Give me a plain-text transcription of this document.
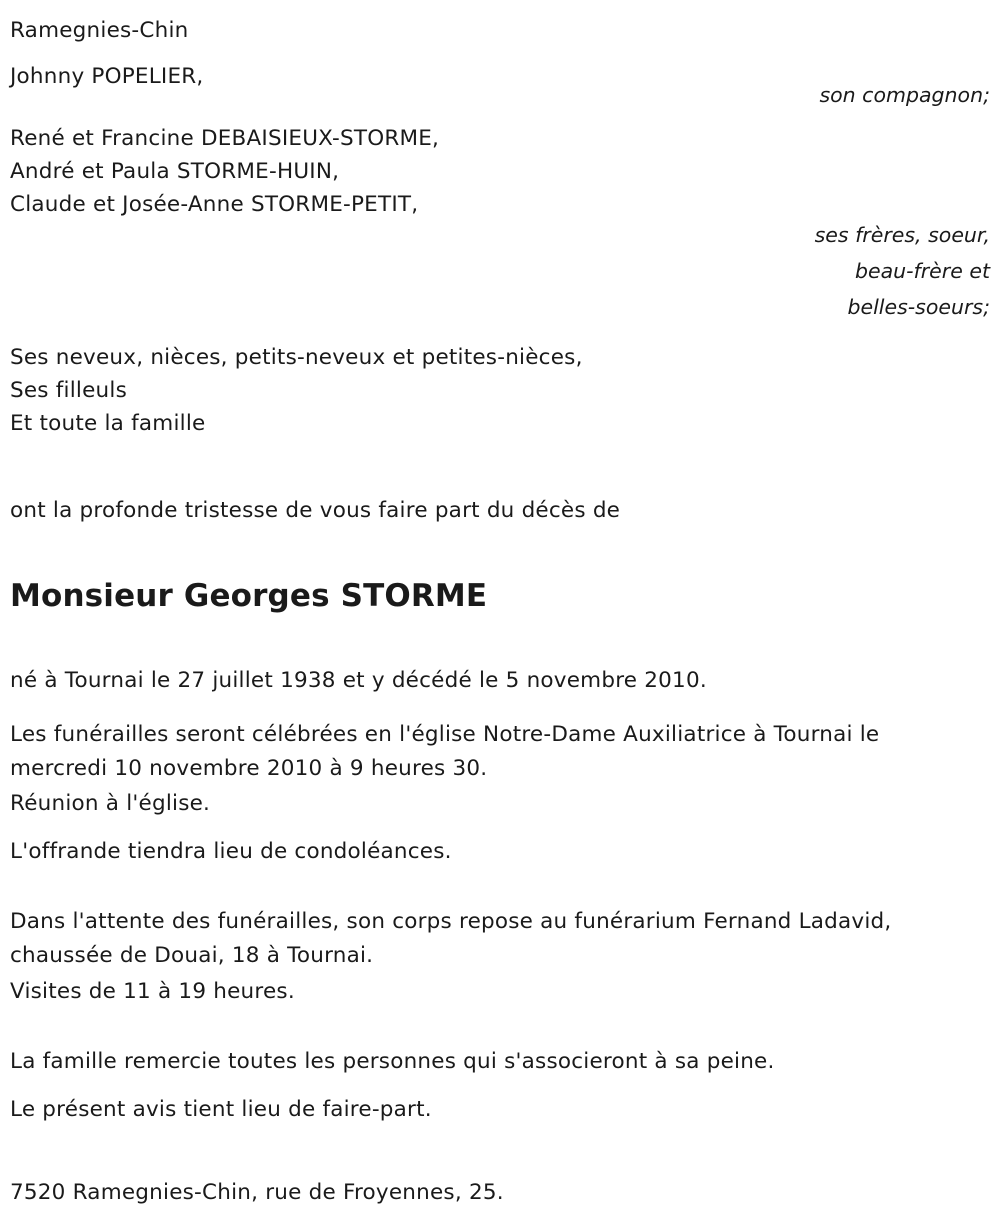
Ramegnies-Chin
Johnny POPELIER,
son compagnon;
René et Francine DEBAISIEUX-STORME,
André et Paula STORME-HUIN,
Claude et Josée-Anne STORME-PETIT,
ses frères, soeur,
beau-frère et
belles-soeurs;
Ses neveux, nièces, petits-neveux et petites-nièces,
Ses filleuls
Et toute la famille
ont la profonde tristesse de vous faire part du décès de
Monsieur Georges STORME
né à Tournai le 27 juillet 1938 et y décédé le 5 novembre 2010.
Les funérailles seront célébrées en l'église Notre-Dame Auxiliatrice à Tournai le mercredi 10 novembre 2010 à 9 heures 30.
Réunion à l'église.
L'offrande tiendra lieu de condoléances.
Dans l'attente des funérailles, son corps repose au funérarium Fernand Ladavid, chaussée de Douai, 18 à Tournai.
Visites de 11 à 19 heures.
La famille remercie toutes les personnes qui s'associeront à sa peine.
Le présent avis tient lieu de faire-part.
7520 Ramegnies-Chin, rue de Froyennes, 25.
